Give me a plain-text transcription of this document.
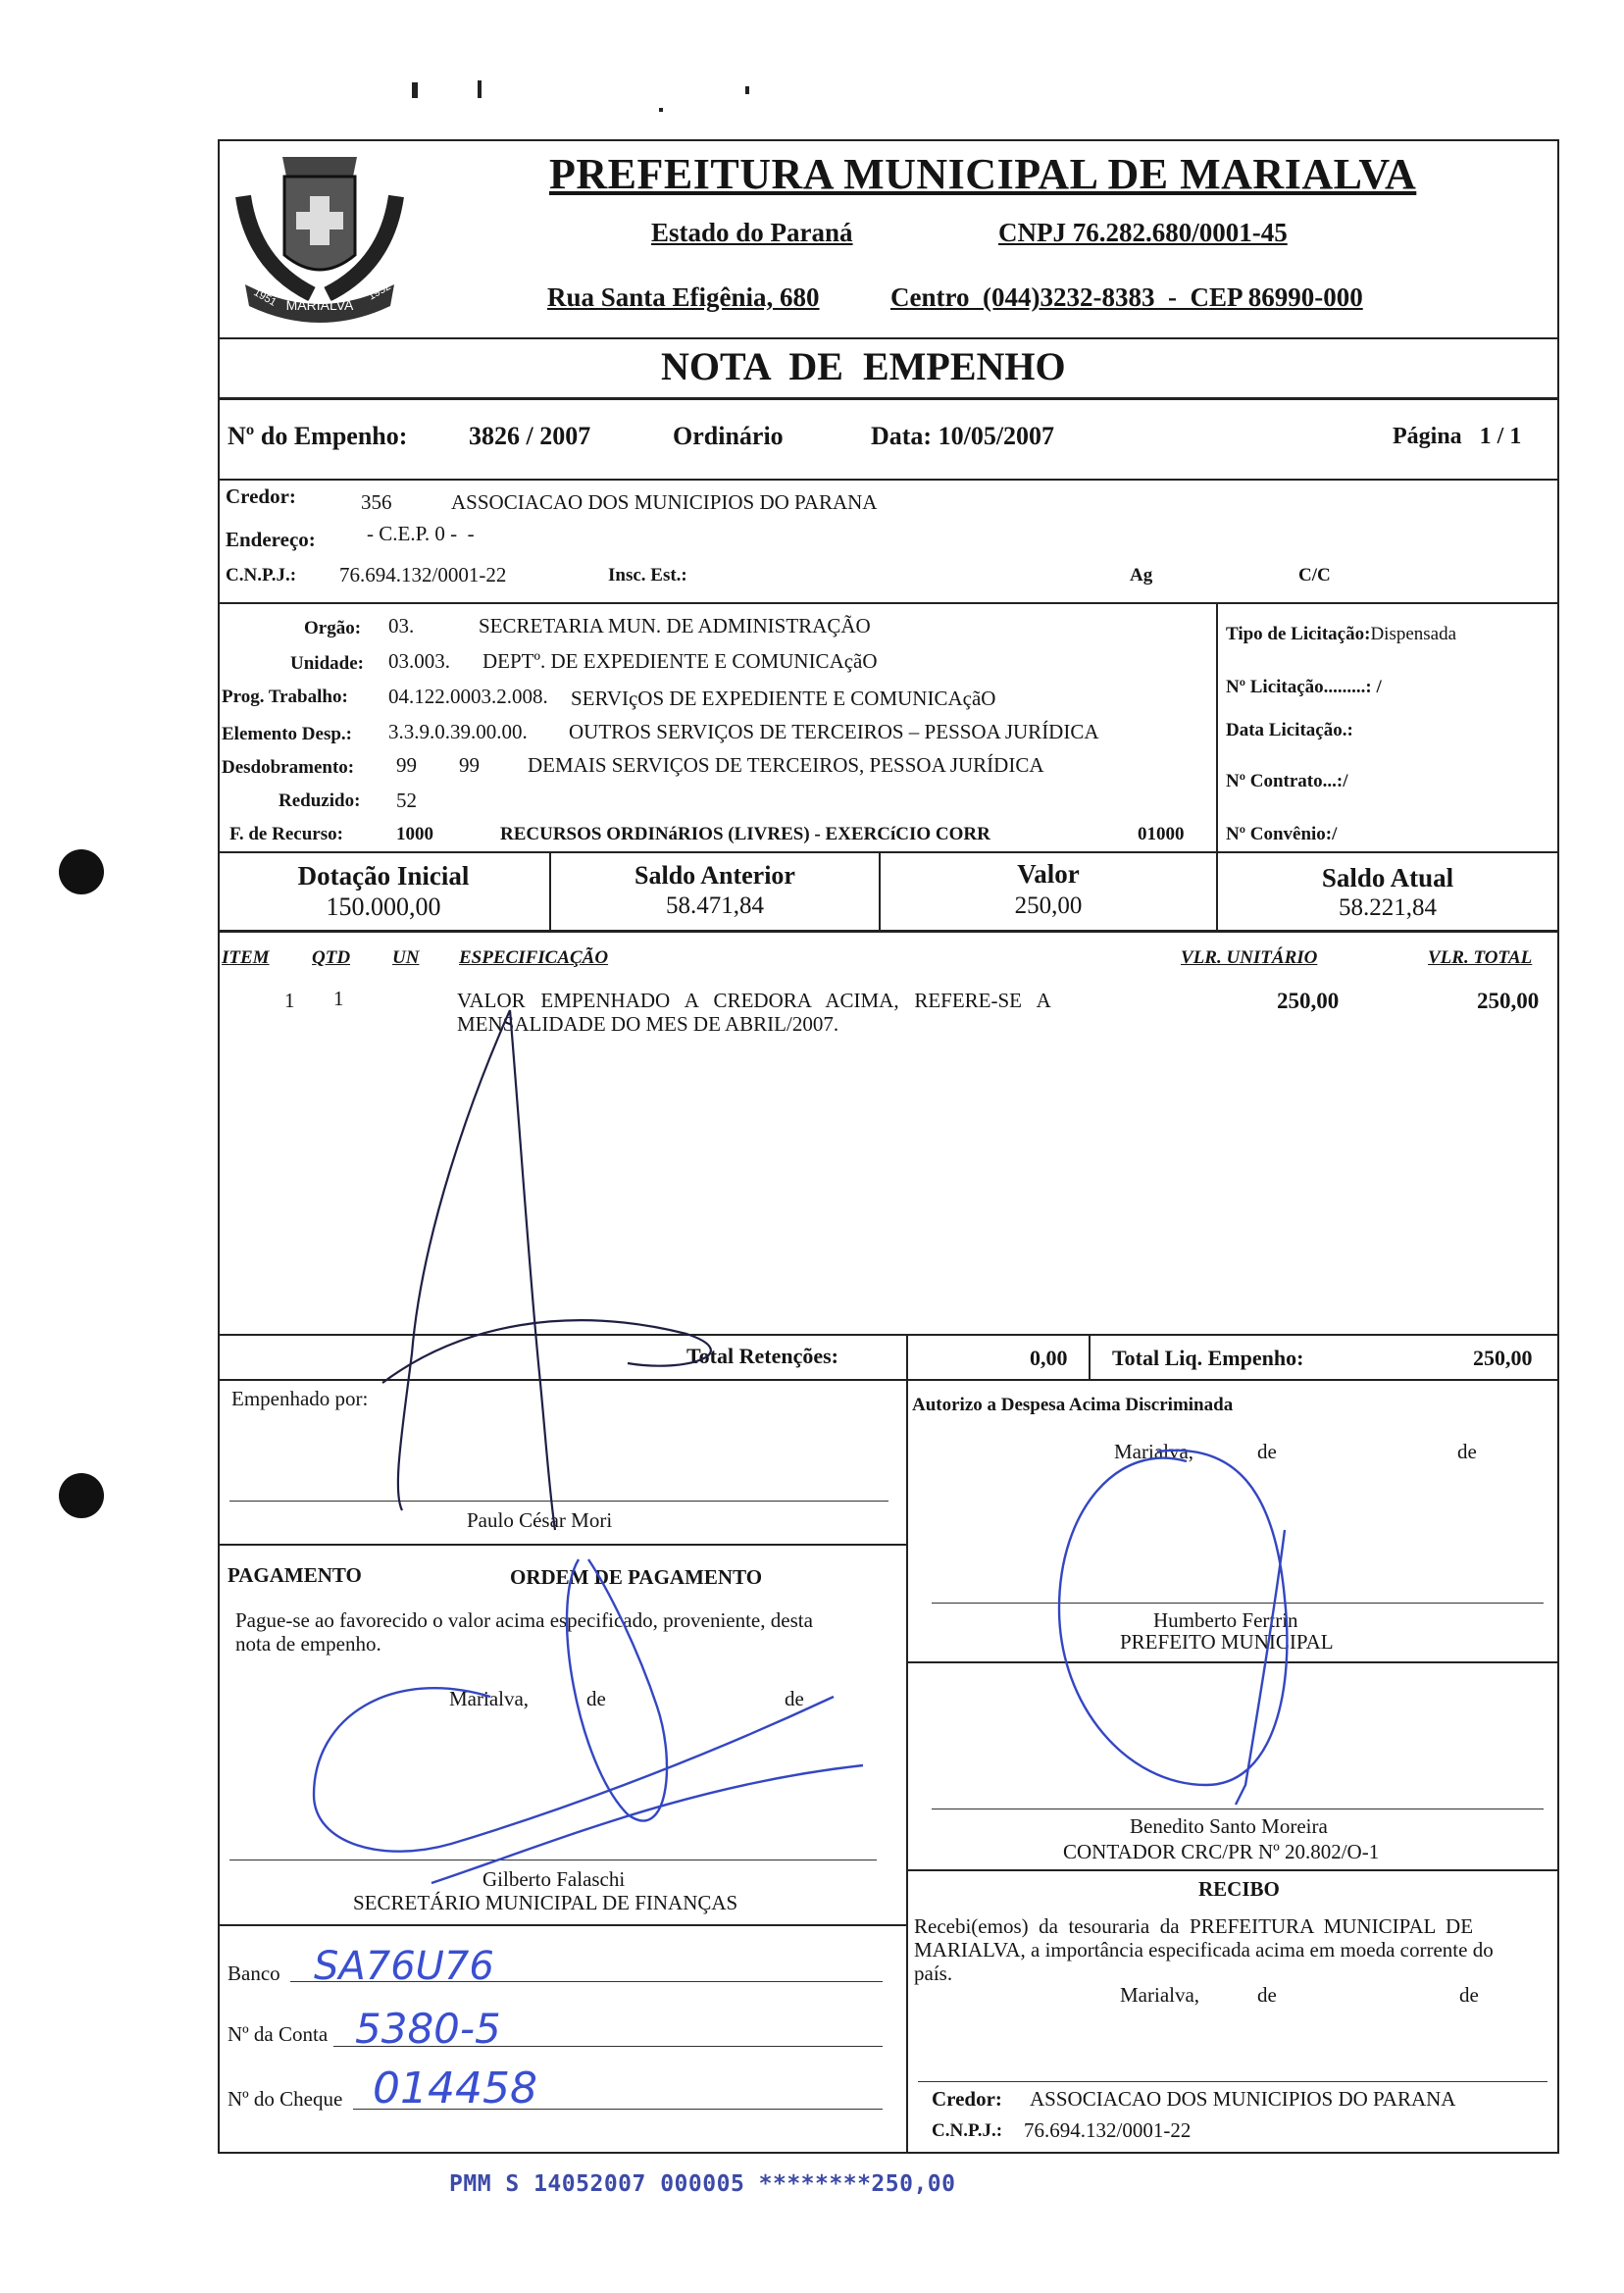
MARIALVA
1951	1952
PREFEITURA MUNICIPAL DE MARIALVA
Estado do Paraná	CNPJ 76.282.680/0001-45
Rua Santa Efigênia, 680	Centro  (044)3232-8383  -  CEP 86990-000
NOTA  DE  EMPENHO
Nº do Empenho: 3826 / 2007	Ordinário	Data: 10/05/2007	Página   1 / 1
Credor:	356	ASSOCIACAO DOS MUNICIPIOS DO PARANA
Endereço: - C.E.P. 0 -  -
C.N.P.J.: 76.694.132/0001-22	Insc. Est.:	Ag	C/C
Orgão: 03.	SECRETARIA MUN. DE ADMINISTRAÇÃO
Unidade: 03.003. DEPTº. DE EXPEDIENTE E COMUNICAçãO
Prog. Trabalho: 04.122.0003.2.008. SERVIçOS DE EXPEDIENTE E COMUNICAçãO
Elemento Desp.: 3.3.9.0.39.00.00. OUTROS SERVIÇOS DE TERCEIROS – PESSOA JURÍDICA
Desdobramento: 99 99 DEMAIS SERVIÇOS DE TERCEIROS, PESSOA JURÍDICA
Reduzido: 52
F. de Recurso:	1000	RECURSOS ORDINáRIOS (LIVRES) - EXERCíCIO CORR	01000
Tipo de Licitação:Dispensada
Nº Licitação.........: /
Data Licitação.:
Nº Contrato...:/
Nº Convênio:/
Dotação Inicial
150.000,00
Saldo Anterior
58.471,84
Valor
250,00
Saldo Atual
58.221,84
ITEM QTD UN ESPECIFICAÇÃO	VLR. UNITÁRIO	VLR. TOTAL
1 1	VALOR   EMPENHADO   A   CREDORA   ACIMA,   REFERE-SE   A
MENSALIDADE DO MES DE ABRIL/2007.
250,00	250,00
Total Retenções:	0,00 Total Liq. Empenho:	250,00
Empenhado por:
Paulo César Mori
Autorizo a Despesa Acima Discriminada
Marialva,	de	de
Humberto Fertrin
PREFEITO MUNICIPAL
Benedito Santo Moreira
CONTADOR CRC/PR Nº 20.802/O-1
RECIBO
Recebi(emos)  da  tesouraria  da  PREFEITURA  MUNICIPAL  DE
MARIALVA, a importância especificada acima em moeda corrente do
país.
Marialva,	de	de
Credor: ASSOCIACAO DOS MUNICIPIOS DO PARANA
C.N.P.J.: 76.694.132/0001-22
PAGAMENTO	ORDEM DE PAGAMENTO
Pague-se ao favorecido o valor acima especificado, proveniente, desta
nota de empenho.
Marialva,	de	de
Gilberto Falaschi
SECRETÁRIO MUNICIPAL DE FINANÇAS
Banco SA76U76
Nº da Conta 5380-5
Nº do Cheque 014458
PMM S 14052007 000005 ********250,00
